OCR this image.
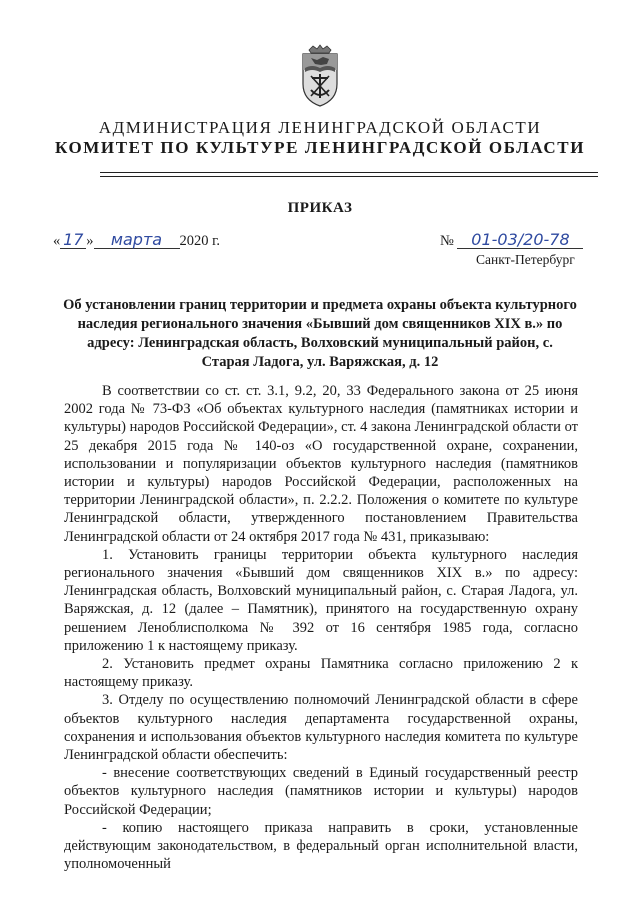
АДМИНИСТРАЦИЯ ЛЕНИНГРАДСКОЙ ОБЛАСТИ
КОМИТЕТ ПО КУЛЬТУРЕ ЛЕНИНГРАДСКОЙ ОБЛАСТИ
ПРИКАЗ
« 17 » марта 2020 г.	№ 01-03/20-78
Санкт-Петербург
Об установлении границ территории и предмета охраны объекта культурного наследия регионального значения «Бывший дом священников XIX в.» по адресу: Ленинградская область, Волховский муниципальный район, с. Старая Ладога, ул. Варяжская, д. 12

В соответствии со ст. ст. 3.1, 9.2, 20, 33 Федерального закона от 25 июня 2002 года № 73-ФЗ «Об объектах культурного наследия (памятниках истории и культуры) народов Российской Федерации», ст. 4 закона Ленинградской области от 25 декабря 2015 года № 140-оз «О государственной охране, сохранении, использовании и популяризации объектов культурного наследия (памятников истории и культуры) народов Российской Федерации, расположенных на территории Ленинградской области», п. 2.2.2. Положения о комитете по культуре Ленинградской области, утвержденного постановлением Правительства Ленинградской области от 24 октября 2017 года № 431, приказываю:

1. Установить границы территории объекта культурного наследия регионального значения «Бывший дом священников XIX в.» по адресу: Ленинградская область, Волховский муниципальный район, с. Старая Ладога, ул. Варяжская, д. 12 (далее – Памятник), принятого на государственную охрану решением Леноблисполкома № 392 от 16 сентября 1985 года, согласно приложению 1 к настоящему приказу.

2. Установить предмет охраны Памятника согласно приложению 2 к настоящему приказу.

3. Отделу по осуществлению полномочий Ленинградской области в сфере объектов культурного наследия департамента государственной охраны, сохранения и использования объектов культурного наследия комитета по культуре Ленинградской области обеспечить:

- внесение соответствующих сведений в Единый государственный реестр объектов культурного наследия (памятников истории и культуры) народов Российской Федерации;

- копию настоящего приказа направить в сроки, установленные действующим законодательством, в федеральный орган исполнительной власти, уполномоченный
